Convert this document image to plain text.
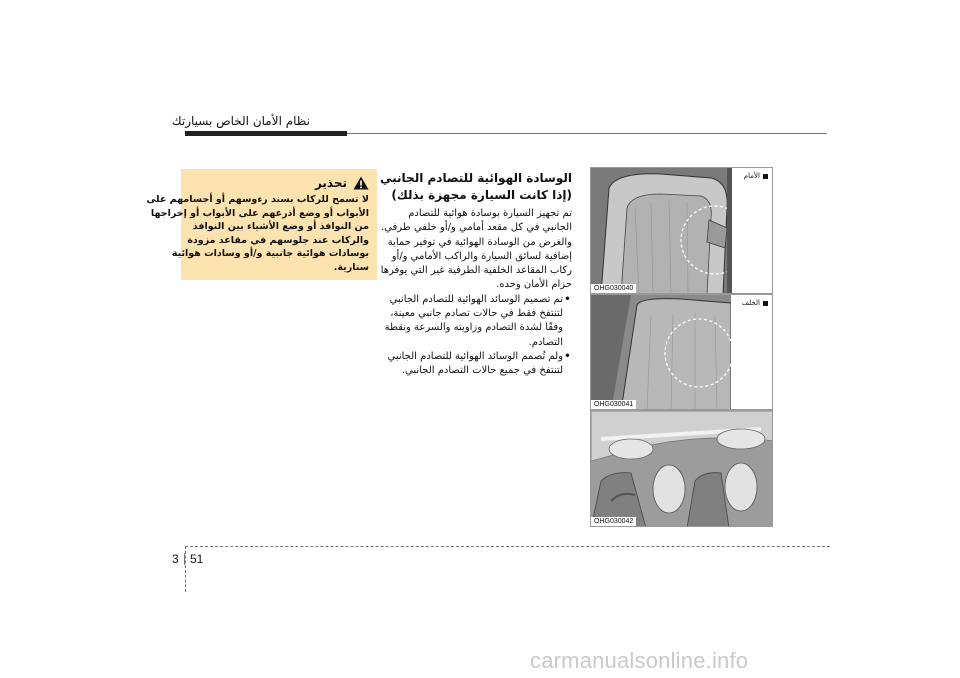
نظام الأمان الخاص بسيارتك
تحذير
لا تسمح للركاب بسند رءوسهم أو أجسامهم على
الأبواب أو وضع أذرعهم على الأبواب أو إخراجها
من النوافذ أو وضع الأشياء بين النوافذ
والركاب عند جلوسهم في مقاعد مزودة
بوسادات هوائية جانبية و/أو وسادات هوائية
ستارية.
الوسادة الهوائية للتصادم الجانبي
(إذا كانت السيارة مجهزة بذلك)
تم تجهيز السيارة بوسادة هوائية للتصادم
الجانبي في كل مقعد أمامي و/أو خلفي طرفي.
والغرض من الوسادة الهوائية في توفير حماية
إضافية لسائق السيارة والراكب الأمامي و/أو
ركاب المقاعد الخلفية الطرفية غير التي يوفرها
حزام الأمان وحده.
•تم تصميم الوسائد الهوائية للتصادم الجانبي
لتنتفخ فقط في حالات تصادم جانبي معينة،
وفقًا لشدة التصادم وزاويته والسرعة ونقطة
التصادم.
•ولم تُصمم الوسائد الهوائية للتصادم الجانبي
لتنتفخ في جميع حالات التصادم الجانبي.
الأمام
OHG030040
الخلف
OHG030041
OHG030042
3 51
carmanualsonline.info
